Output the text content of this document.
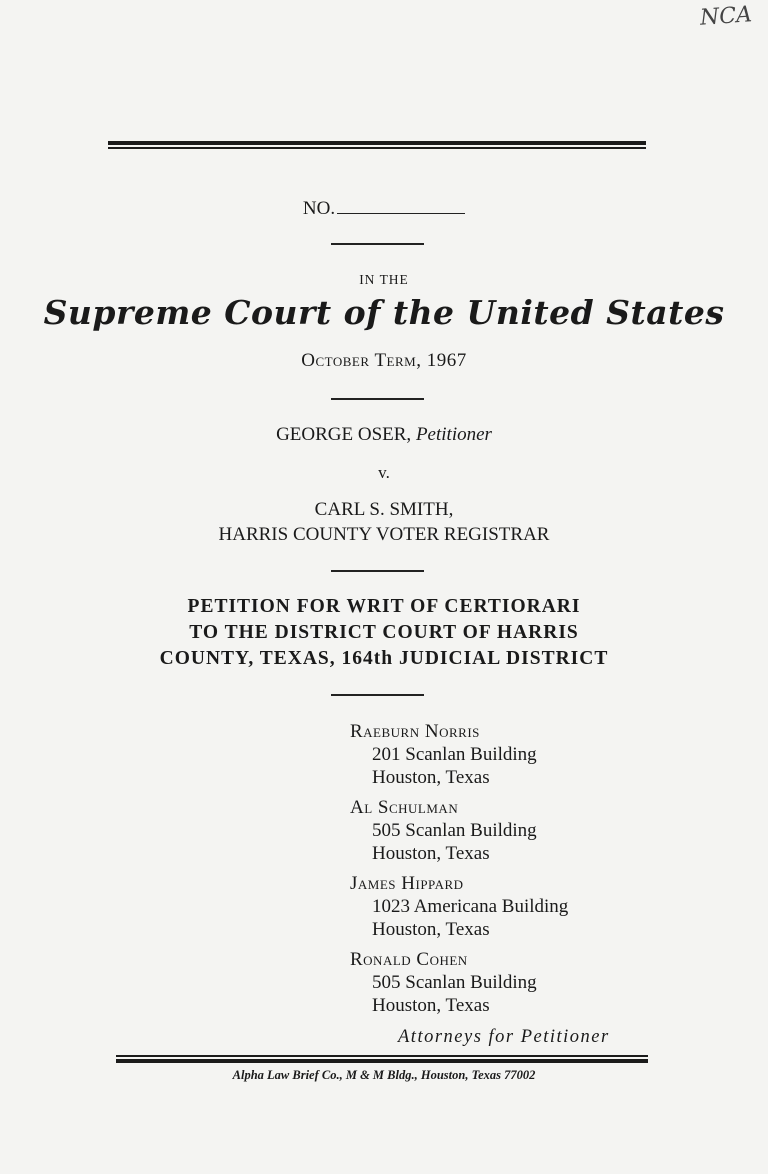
NCA
NO.
IN THE
Supreme Court of the United States
October Term, 1967
GEORGE OSER, Petitioner
v.
CARL S. SMITH,
HARRIS COUNTY VOTER REGISTRAR
PETITION FOR WRIT OF CERTIORARI
TO THE DISTRICT COURT OF HARRIS
COUNTY, TEXAS, 164th JUDICIAL DISTRICT
Raeburn Norris
201 Scanlan Building
Houston, Texas
Al Schulman
505 Scanlan Building
Houston, Texas
James Hippard
1023 Americana Building
Houston, Texas
Ronald Cohen
505 Scanlan Building
Houston, Texas
Attorneys for Petitioner
Alpha Law Brief Co., M & M Bldg., Houston, Texas 77002
